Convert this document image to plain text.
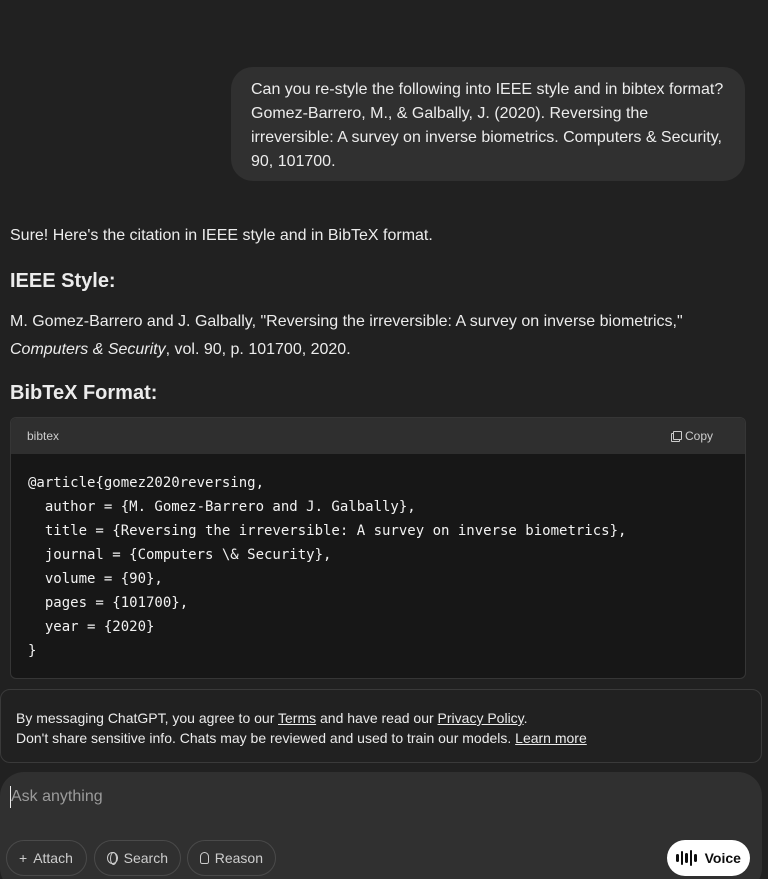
Can you re-style the following into IEEE style and in bibtex format? Gomez-Barrero, M., & Galbally, J. (2020). Reversing the irreversible: A survey on inverse biometrics. Computers & Security, 90, 101700.
Sure! Here's the citation in IEEE style and in BibTeX format.
IEEE Style:
M. Gomez-Barrero and J. Galbally, "Reversing the irreversible: A survey on inverse biometrics," Computers & Security, vol. 90, p. 101700, 2020.
BibTeX Format:
bibtex	Copy
@article{gomez2020reversing,
author = {M. Gomez-Barrero and J. Galbally},
title = {Reversing the irreversible: A survey on inverse biometrics},
journal = {Computers \& Security},
volume = {90},
pages = {101700},
year = {2020}
}
By messaging ChatGPT, you agree to our Terms and have read our Privacy Policy.
Don't share sensitive info. Chats may be reviewed and used to train our models. Learn more
Ask anything
+ Attach	Search	Reason	Voice
